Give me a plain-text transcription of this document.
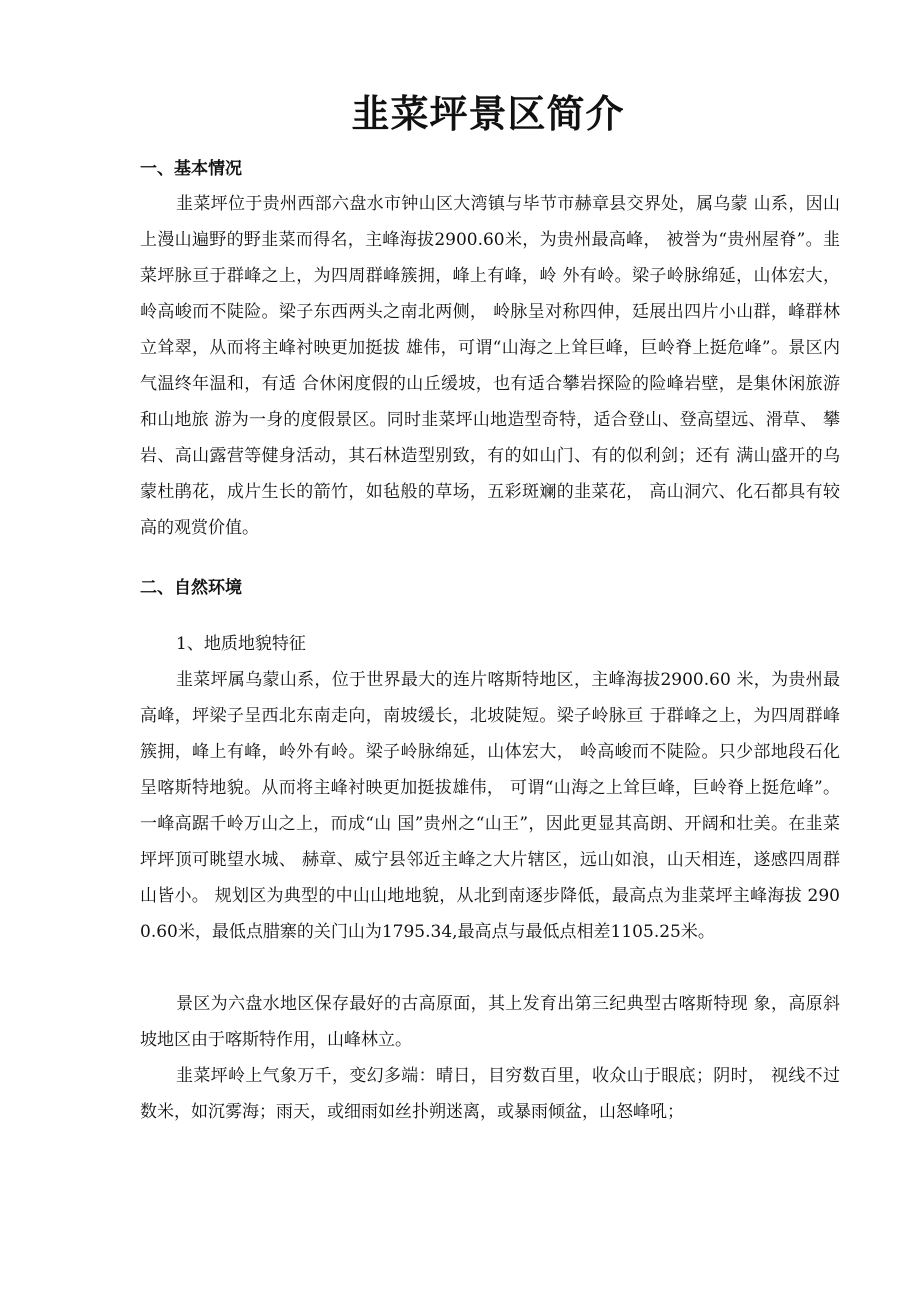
韭菜坪景区简介
一、基本情况
韭菜坪位于贵州西部六盘水市钟山区大湾镇与毕节市赫章县交界处，属乌蒙 山系，因山上漫山遍野的野韭菜而得名，主峰海拔2900.60米，为贵州最高峰， 被誉为“贵州屋脊”。韭菜坪脉亘于群峰之上，为四周群峰簇拥，峰上有峰，岭 外有岭。梁子岭脉绵延，山体宏大，岭高峻而不陡险。梁子东西两头之南北两侧， 岭脉呈对称四伸，廷展出四片小山群，峰群林立耸翠，从而将主峰衬映更加挺拔 雄伟，可谓“山海之上耸巨峰，巨岭脊上挺危峰”。景区内气温终年温和，有适 合休闲度假的山丘缓坡，也有适合攀岩探险的险峰岩壁，是集休闲旅游和山地旅 游为一身的度假景区。同时韭菜坪山地造型奇特，适合登山、登高望远、滑草、 攀岩、高山露营等健身活动，其石林造型别致，有的如山门、有的似利剑；还有 满山盛开的乌蒙杜鹃花，成片生长的箭竹，如毡般的草场，五彩斑斓的韭菜花， 高山洞穴、化石都具有较高的观赏价值。
二、自然环境
1、地质地貌特征
韭菜坪属乌蒙山系，位于世界最大的连片喀斯特地区，主峰海拔2900.60 米，为贵州最高峰，坪梁子呈西北东南走向，南坡缓长，北坡陡短。梁子岭脉亘 于群峰之上，为四周群峰簇拥，峰上有峰，岭外有岭。梁子岭脉绵延，山体宏大， 岭高峻而不陡险。只少部地段石化呈喀斯特地貌。从而将主峰衬映更加挺拔雄伟， 可谓“山海之上耸巨峰，巨岭脊上挺危峰”。一峰高踞千岭万山之上，而成“山 国”贵州之“山王”，因此更显其高朗、开阔和壮美。在韭菜坪坪顶可眺望水城、 赫章、威宁县邻近主峰之大片辖区，远山如浪，山天相连，遂感四周群山皆小。 规划区为典型的中山山地地貌，从北到南逐步降低，最高点为韭菜坪主峰海拔 2900.60米，最低点腊寨的关门山为1795.34,最高点与最低点相差1105.25米。
景区为六盘水地区保存最好的古高原面，其上发育出第三纪典型古喀斯特现 象，高原斜坡地区由于喀斯特作用，山峰林立。
韭菜坪岭上气象万千，变幻多端：晴日，目穷数百里，收众山于眼底；阴时， 视线不过数米，如沉雾海；雨天，或细雨如丝扑朔迷离，或暴雨倾盆，山怒峰吼；
